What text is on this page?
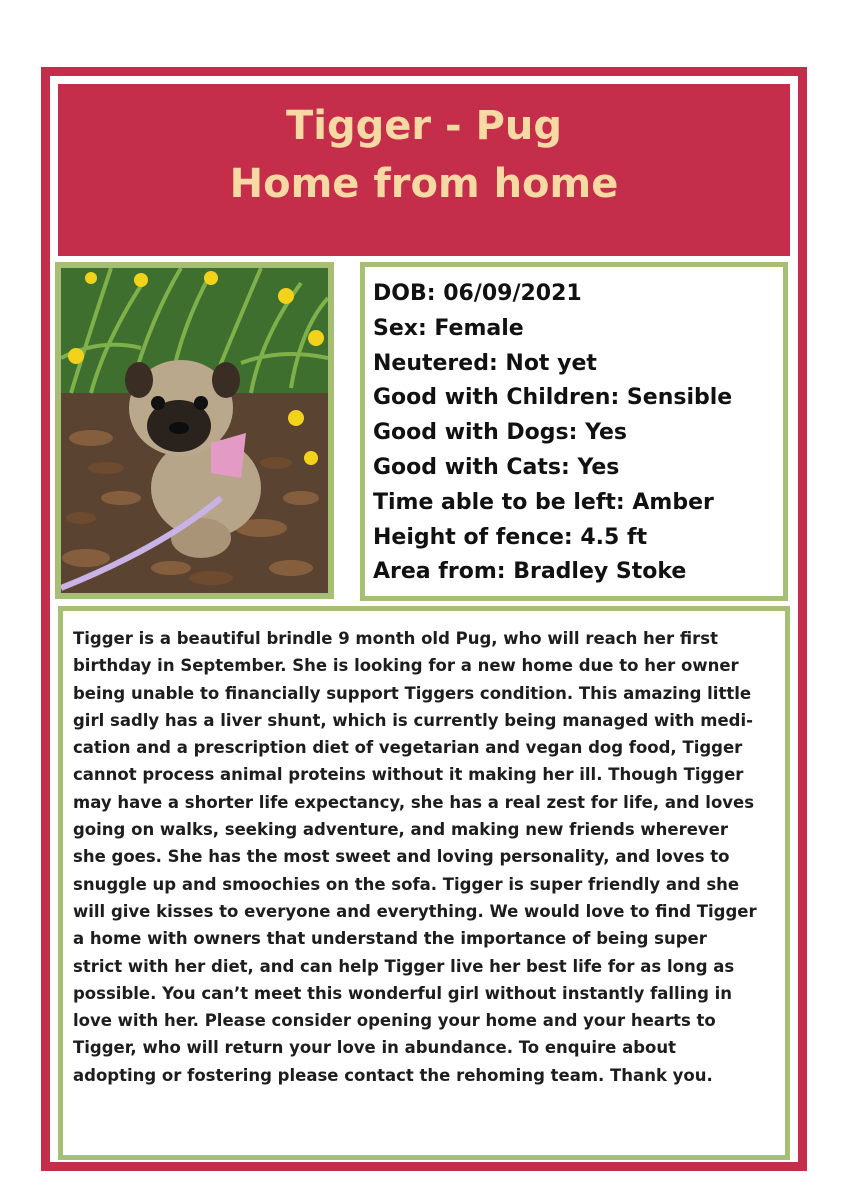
Tigger - Pug
Home from home
DOB: 06/09/2021
Sex: Female
Neutered: Not yet
Good with Children: Sensible
Good with Dogs: Yes
Good with Cats: Yes
Time able to be left: Amber
Height of fence: 4.5 ft
Area from: Bradley Stoke

Tigger is a beautiful brindle 9 month old Pug, who will reach her first
birthday in September. She is looking for a new home due to her owner
being unable to financially support Tiggers condition. This amazing little
girl sadly has a liver shunt, which is currently being managed with medi-
cation and a prescription diet of vegetarian and vegan dog food, Tigger
cannot process animal proteins without it making her ill. Though Tigger
may have a shorter life expectancy, she has a real zest for life, and loves
going on walks, seeking adventure, and making new friends wherever
she goes. She has the most sweet and loving personality, and loves to
snuggle up and smoochies on the sofa. Tigger is super friendly and she
will give kisses to everyone and everything. We would love to find Tigger
a home with owners that understand the importance of being super
strict with her diet, and can help Tigger live her best life for as long as
possible. You can’t meet this wonderful girl without instantly falling in
love with her. Please consider opening your home and your hearts to
Tigger, who will return your love in abundance. To enquire about
adopting or fostering please contact the rehoming team. Thank you.
